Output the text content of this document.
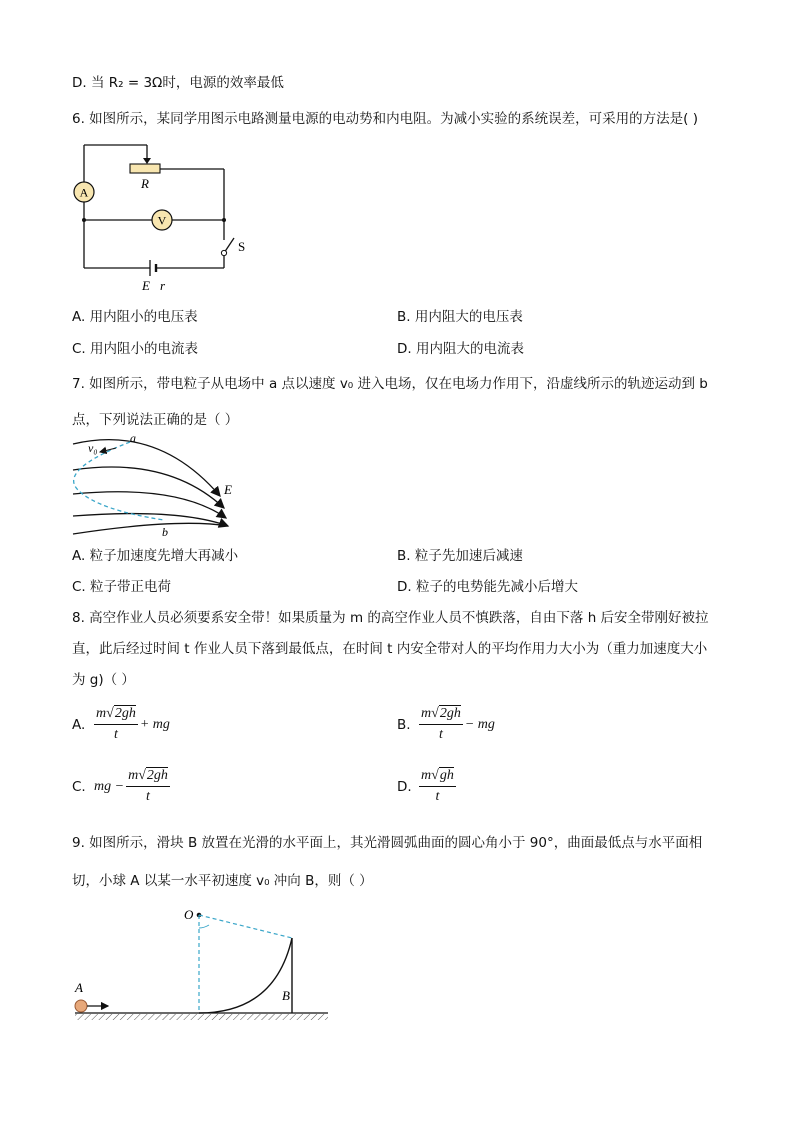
D. 当 R₂ = 3Ω时，电源的效率最低
6. 如图所示，某同学用图示电路测量电源的电动势和内电阻。为减小实验的系统误差，可采用的方法是( )
A
V
S
R
E r
A. 用内阻小的电压表	B. 用内阻大的电压表
C. 用内阻小的电流表	D. 用内阻大的电流表
7. 如图所示，带电粒子从电场中 a 点以速度 v₀ 进入电场，仅在电场力作用下，沿虚线所示的轨迹运动到 b
点，下列说法正确的是（ ）
a
v₀
E
b
A. 粒子加速度先增大再减小	B. 粒子先加速后减速
C. 粒子带正电荷	D. 粒子的电势能先减小后增大
8. 高空作业人员必须要系安全带！如果质量为 m 的高空作业人员不慎跌落，自由下落 h 后安全带刚好被拉
直，此后经过时间 t 作业人员下落到最低点，在时间 t 内安全带对人的平均作用力大小为（重力加速度大小
为 g)（ ）
A. $\frac{m√2gh}{t}$ + mg	B. $\frac{m√2gh}{t}$ − mg
C. mg − $\frac{m√2gh}{t}$	D. $\frac{m√gh}{t}$
9. 如图所示，滑块 B 放置在光滑的水平面上，其光滑圆弧曲面的圆心角小于 90°，曲面最低点与水平面相
切，小球 A 以某一水平初速度 v₀ 冲向 B，则（ ）
O
A
B
